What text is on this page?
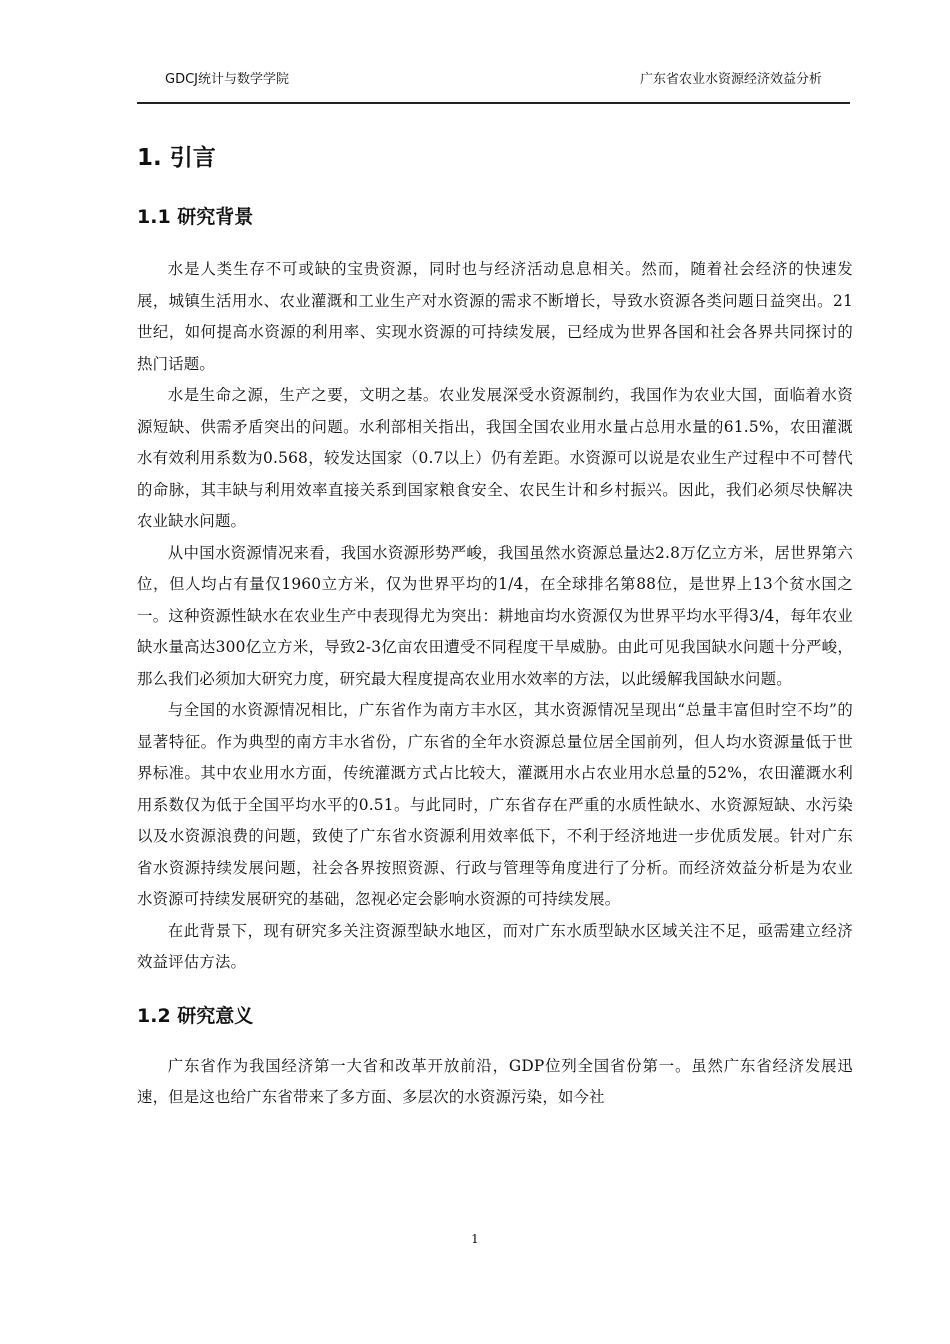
GDCJ统计与数学学院	广东省农业水资源经济效益分析
1. 引言
1.1 研究背景

水是人类生存不可或缺的宝贵资源，同时也与经济活动息息相关。然而，随着社会经济的快速发展，城镇生活用水、农业灌溉和工业生产对水资源的需求不断增长，导致水资源各类问题日益突出。21世纪，如何提高水资源的利用率、实现水资源的可持续发展，已经成为世界各国和社会各界共同探讨的热门话题。

水是生命之源，生产之要，文明之基。农业发展深受水资源制约，我国作为农业大国，面临着水资源短缺、供需矛盾突出的问题。水利部相关指出，我国全国农业用水量占总用水量的61.5%，农田灌溉水有效利用系数为0.568，较发达国家（0.7以上）仍有差距。水资源可以说是农业生产过程中不可替代的命脉，其丰缺与利用效率直接关系到国家粮食安全、农民生计和乡村振兴。因此，我们必须尽快解决农业缺水问题。

从中国水资源情况来看，我国水资源形势严峻，我国虽然水资源总量达2.8万亿立方米，居世界第六位，但人均占有量仅1960立方米，仅为世界平均的1/4，在全球排名第88位，是世界上13个贫水国之一。这种资源性缺水在农业生产中表现得尤为突出：耕地亩均水资源仅为世界平均水平得3/4，每年农业缺水量高达300亿立方米，导致2-3亿亩农田遭受不同程度干旱威胁。由此可见我国缺水问题十分严峻，那么我们必须加大研究力度，研究最大程度提高农业用水效率的方法，以此缓解我国缺水问题。

与全国的水资源情况相比，广东省作为南方丰水区，其水资源情况呈现出“总量丰富但时空不均”的显著特征。作为典型的南方丰水省份，广东省的全年水资源总量位居全国前列，但人均水资源量低于世界标准。其中农业用水方面，传统灌溉方式占比较大，灌溉用水占农业用水总量的52%，农田灌溉水利用系数仅为低于全国平均水平的0.51。与此同时，广东省存在严重的水质性缺水、水资源短缺、水污染以及水资源浪费的问题，致使了广东省水资源利用效率低下，不利于经济地进一步优质发展。针对广东省水资源持续发展问题，社会各界按照资源、行政与管理等角度进行了分析。而经济效益分析是为农业水资源可持续发展研究的基础，忽视必定会影响水资源的可持续发展。

在此背景下，现有研究多关注资源型缺水地区，而对广东水质型缺水区域关注不足，亟需建立经济效益评估方法。

1.2 研究意义

广东省作为我国经济第一大省和改革开放前沿，GDP位列全国省份第一。虽然广东省经济发展迅速，但是这也给广东省带来了多方面、多层次的水资源污染，如今社

1
